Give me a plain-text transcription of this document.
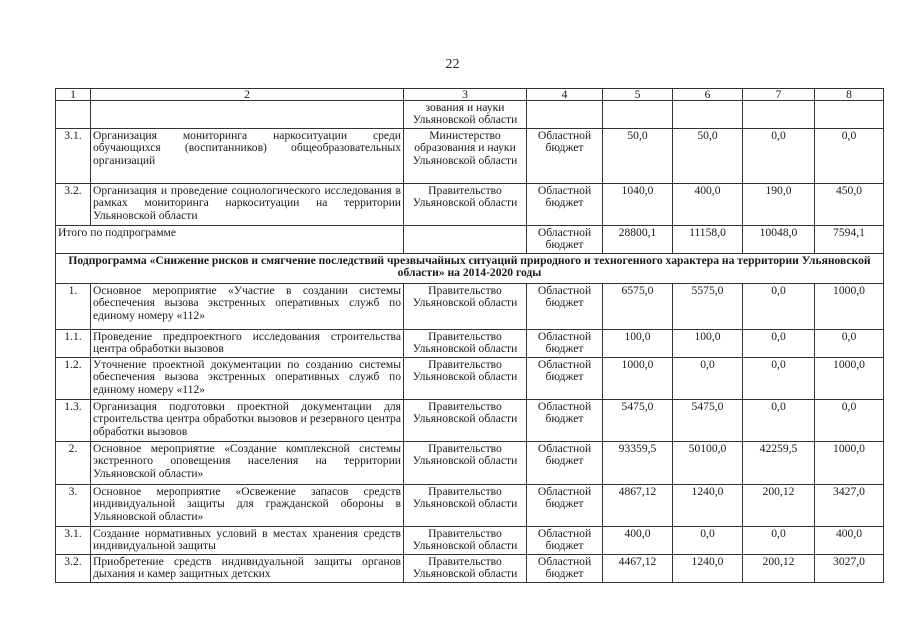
22
1	2	3	4	5	6	7	8
		зования и науки Ульяновской области					
3.1.	Организация мониторинга наркоситуации среди обучающихся (воспитанников) общеобразовательных организаций	Министерство образования и науки Ульяновской области	Областной бюджет	50,0	50,0	0,0	0,0
3.2.	Организация и проведение социологического исследования в рамках мониторинга наркоситуации на территории Ульяновской области	Правительство Ульяновской области	Областной бюджет	1040,0	400,0	190,0	450,0
Итого по подпрограмме			Областной бюджет	28800,1	11158,0	10048,0	7594,1
Подпрограмма «Снижение рисков и смягчение последствий чрезвычайных ситуаций природного и техногенного характера на территории Ульяновской области» на 2014-2020 годы							
1.	Основное мероприятие «Участие в создании системы обеспечения вызова экстренных оперативных служб по единому номеру «112»	Правительство Ульяновской области	Областной бюджет	6575,0	5575,0	0,0	1000,0
1.1.	Проведение предпроектного исследования строительства центра обработки вызовов	Правительство Ульяновской области	Областной бюджет	100,0	100,0	0,0	0,0
1.2.	Уточнение проектной документации по созданию системы обеспечения вызова экстренных оперативных служб по единому номеру «112»	Правительство Ульяновской области	Областной бюджет	1000,0	0,0	0,0	1000,0
1.3.	Организация подготовки проектной документации для строительства центра обработки вызовов и резервного центра обработки вызовов	Правительство Ульяновской области	Областной бюджет	5475,0	5475,0	0,0	0,0
2.	Основное мероприятие «Создание комплексной системы экстренного оповещения населения на территории Ульяновской области»	Правительство Ульяновской области	Областной бюджет	93359,5	50100,0	42259,5	1000,0
3.	Основное мероприятие «Освежение запасов средств индивидуальной защиты для гражданской обороны в Ульяновской области»	Правительство Ульяновской области	Областной бюджет	4867,12	1240,0	200,12	3427,0
3.1.	Создание нормативных условий в местах хранения средств индивидуальной защиты	Правительство Ульяновской области	Областной бюджет	400,0	0,0	0,0	400,0
3.2.	Приобретение средств индивидуальной защиты органов дыхания и камер защитных детских	Правительство Ульяновской области	Областной бюджет	4467,12	1240,0	200,12	3027,0
